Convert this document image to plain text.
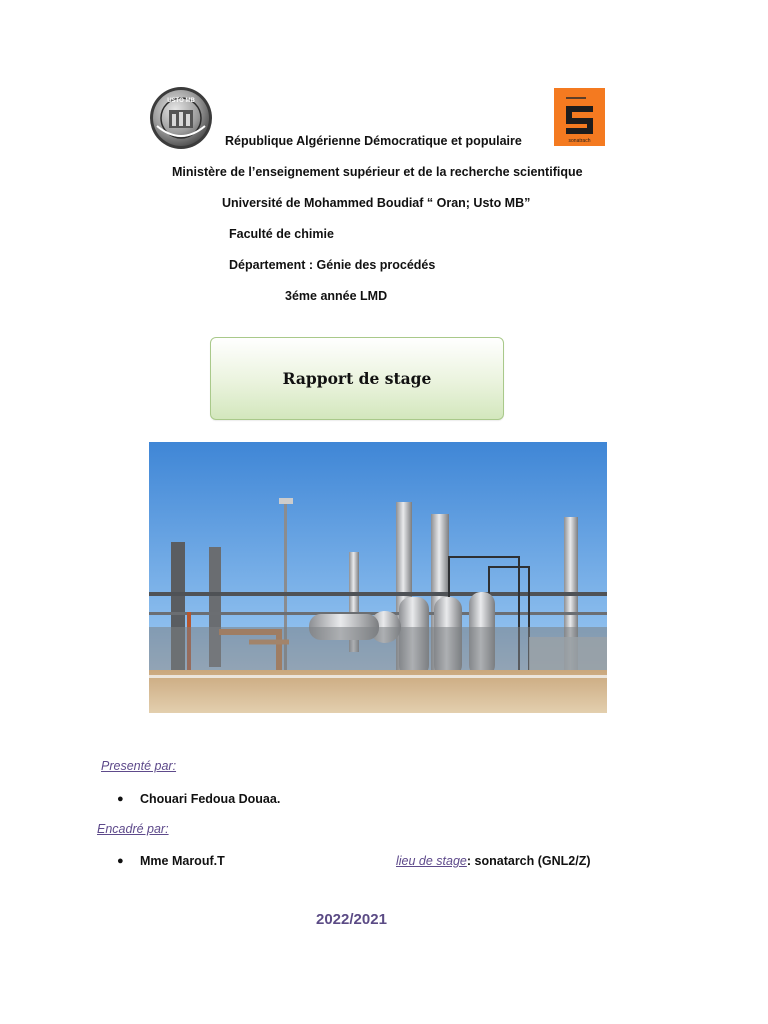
USTO MB
sonatrach
République Algérienne Démocratique et populaire
Ministère de l’enseignement supérieur et de la recherche scientifique
Université de Mohammed Boudiaf “ Oran; Usto MB”
Faculté de chimie
Département : Génie des procédés
3éme année LMD
Rapport de stage
Presenté par:
● Chouari Fedoua Douaa.
Encadré par:
● Mme Marouf.T	lieu de stage: sonatarch (GNL2/Z)
2022/2021
